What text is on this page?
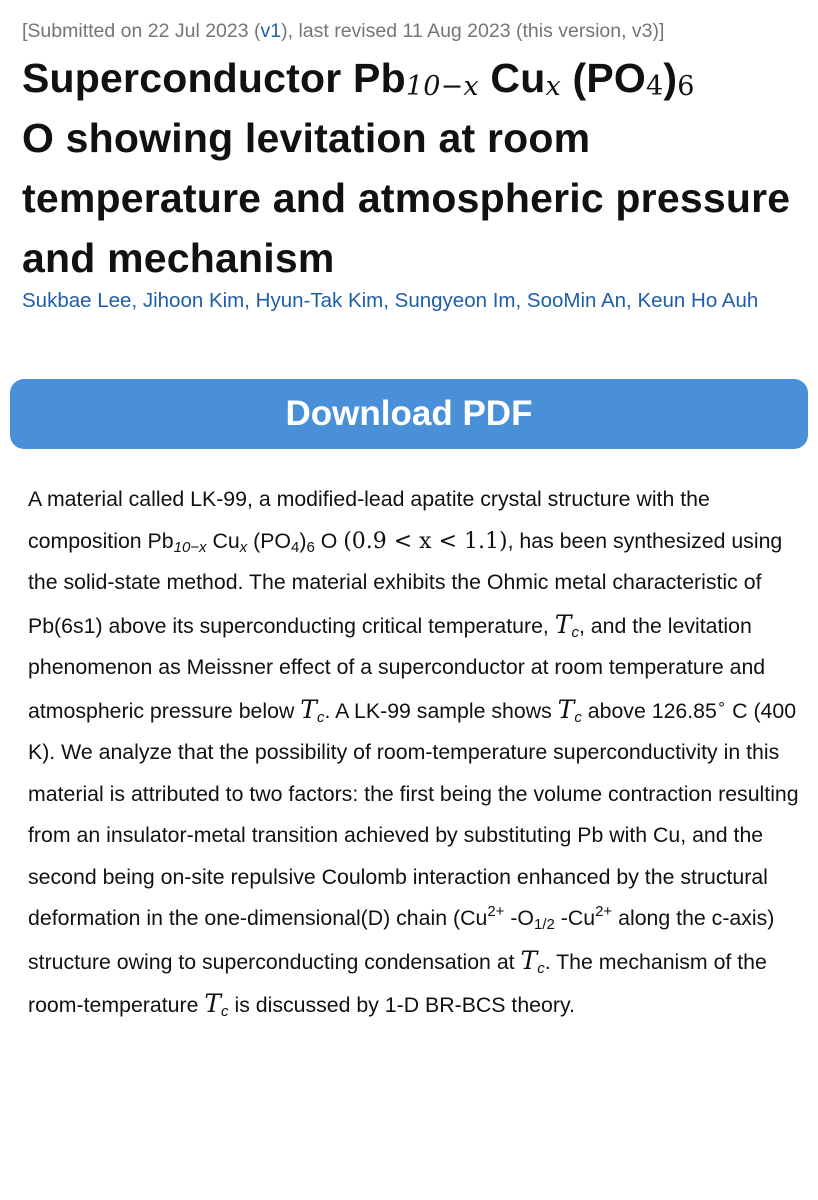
[Submitted on 22 Jul 2023 (v1), last revised 11 Aug 2023 (this version, v3)]
Superconductor $Pb_{10-x}$ $Cu_x$ $(PO_4)_6$
O showing levitation at room temperature and atmospheric pressure and mechanism
Sukbae Lee, Jihoon Kim, Hyun-Tak Kim, Sungyeon Im, SooMin An, Keun Ho Auh
Download PDF

A material called LK-99, a modified-lead apatite crystal structure with the composition $Pb_{10-x}$ $Cu_x$ $(PO_4)_6$ O (0.9 < x < 1.1), has been synthesized using the solid-state method. The material exhibits the Ohmic metal characteristic of Pb(6s1) above its superconducting critical temperature, $T_c$, and the levitation phenomenon as Meissner effect of a superconductor at room temperature and atmospheric pressure below $T_c$. A LK-99 sample shows $T_c$ above 126.85∘ C (400 K). We analyze that the possibility of room-temperature superconductivity in this material is attributed to two factors: the first being the volume contraction resulting from an insulator-metal transition achieved by substituting Pb with Cu, and the second being on-site repulsive Coulomb interaction enhanced by the structural deformation in the one-dimensional(D) chain ($Cu^{2+}$ $-O_{1/2}$ $-Cu^{2+}$ along the c-axis) structure owing to superconducting condensation at $T_c$. The mechanism of the room-temperature $T_c$ is discussed by 1-D BR-BCS theory.
